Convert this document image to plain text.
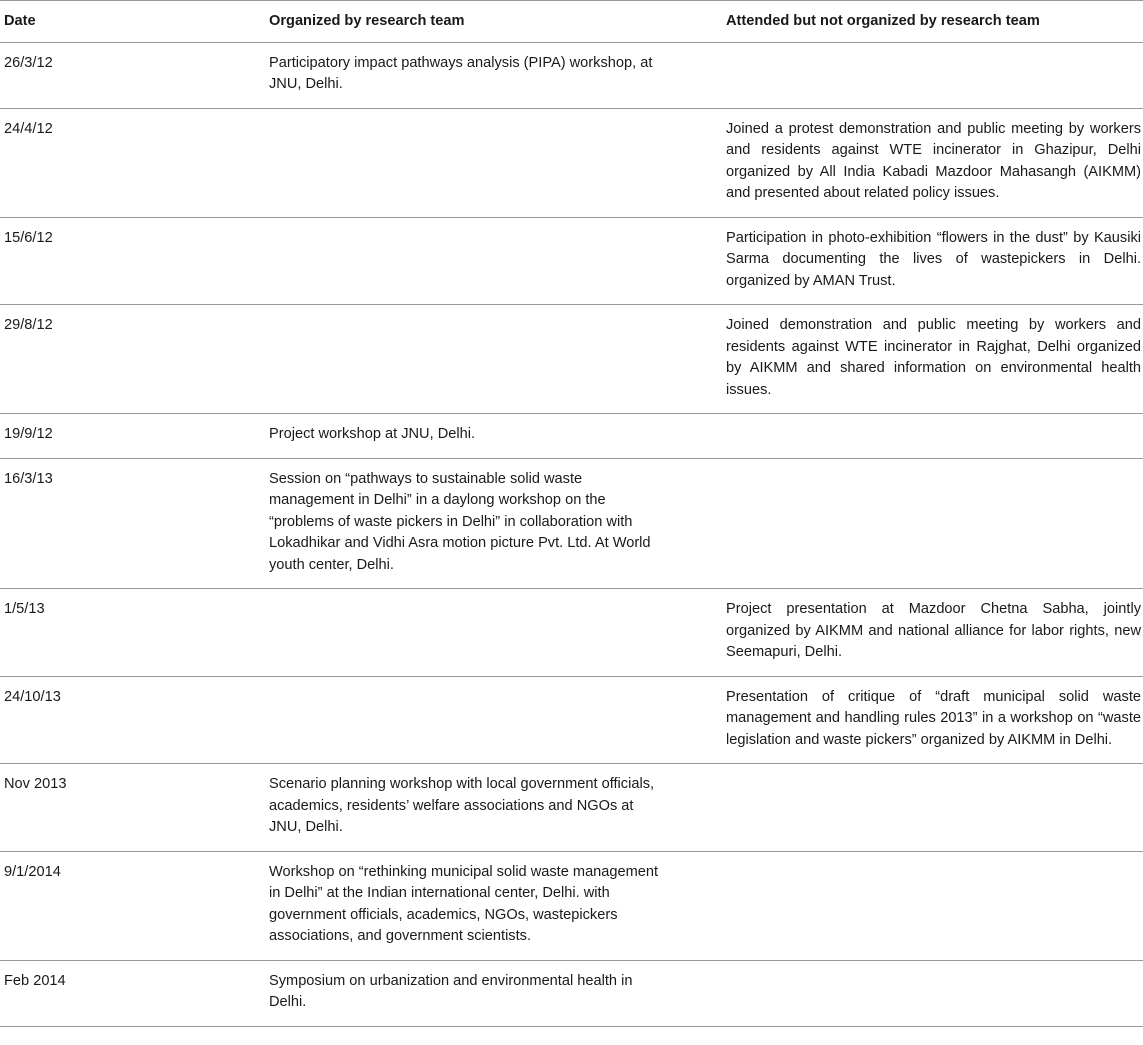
Date	Organized by research team	Attended but not organized by research team
26/3/12	Participatory impact pathways analysis (PIPA) workshop, at JNU, Delhi.	
24/4/12		Joined a protest demonstration and public meeting by workers and residents against WTE incinerator in Ghazipur, Delhi organized by All India Kabadi Mazdoor Mahasangh (AIKMM) and presented about related policy issues.
15/6/12		Participation in photo-exhibition “flowers in the dust” by Kausiki Sarma documenting the lives of wastepickers in Delhi. organized by AMAN Trust.
29/8/12		Joined demonstration and public meeting by workers and residents against WTE incinerator in Rajghat, Delhi organized by AIKMM and shared information on environmental health issues.
19/9/12	Project workshop at JNU, Delhi.	
16/3/13	Session on “pathways to sustainable solid waste management in Delhi” in a daylong workshop on the “problems of waste pickers in Delhi” in collaboration with Lokadhikar and Vidhi Asra motion picture Pvt. Ltd. At World youth center, Delhi.	
1/5/13		Project presentation at Mazdoor Chetna Sabha, jointly organized by AIKMM and national alliance for labor rights, new Seemapuri, Delhi.
24/10/13		Presentation of critique of “draft municipal solid waste management and handling rules 2013” in a workshop on “waste legislation and waste pickers” organized by AIKMM in Delhi.
Nov 2013	Scenario planning workshop with local government officials, academics, residents’ welfare associations and NGOs at JNU, Delhi.	
9/1/2014	Workshop on “rethinking municipal solid waste management in Delhi” at the Indian international center, Delhi. with government officials, academics, NGOs, wastepickers associations, and government scientists.	
Feb 2014	Symposium on urbanization and environmental health in Delhi.	
